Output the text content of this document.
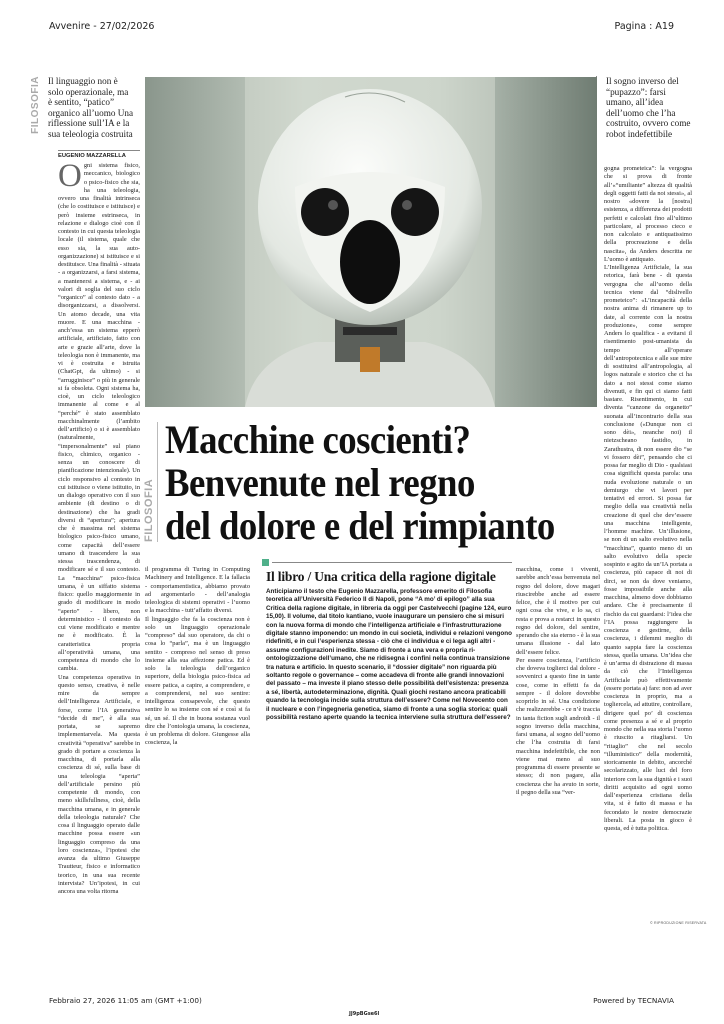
Avvenire - 27/02/2026	Pagina : A19
FILOSOFIA Il linguaggio non è solo operazionale, ma è sentito, “patico” organico all’uomo Una riflessione sull’IA e la sua teleologia costruita
Il sogno inverso del “pupazzo”: farsi umano, all’idea dell’uomo che l’ha costruito, ovvero come robot indefettibile
EUGENIO MAZZARELLA
O gni sistema fisico, meccanico, biologico o psico-fisico che sia, ha una teleologia, ovvero una finalità intrinseca (che lo costituisce e istituisce) e però insieme estrinseca, in relazione e dialogo cioè con il contesto in cui questa teleologia locale (il sistema, quale che esso sia, la sua auto-organizzazione) si istituisce e si destituisce. Una finalità - situata - a organizzarsi, a farsi sistema, a mantenersi a sistema, e - ai valori di soglia del suo ciclo “organico” al contesto dato - a disorganizzarsi, a dissolversi. Un atomo decade, una vita muore. E una macchina - anch’essa un sistema epperò artificiale, artificiato, fatto con arte e grazie all’arte, dove la teleologia non è immanente, ma vi è costruita e istruita (ChatGpt, da ultimo) - si “arrugginisce” o più in generale si fa obsoleta. Ogni sistema ha, cioè, un ciclo teleologico immanente al come e al “perché” è stato assemblato macchinalmente (l’ambito dell’artificio) o si è assemblato (naturalmente, “impersonalmente” sul piano fisico, chimico, organico - senza un conoscere di pianificazione intenzionale). Un ciclo responsivo al contesto in cui istituisce o viene istituito, in un dialogo operativo con il suo ambiente (di destino o di destinazione) che ha gradi diversi di “apertura”; apertura che è massima nel sistema biologico psico-fisico umano, come capacità dell’essere umano di trascendere la sua stessa trascendenza, di modificare sé e il suo contesto. La “macchina” psico-fisica umana, è un siffatto sistema fisico: quello maggiormente in grado di modificare in modo “aperto” - libero, non deterministico - il contesto da cui viene modificato e mentre ne è modificato. È la caratteristica propria all’operatività umana, una competenza di mondo che lo cambia.

Una competenza operativa in questo senso, creativa, è nelle mire da sempre dell’Intelligenza Artificiale, e forse, come l’IA generativa “decide di me”, è alla sua portata, se sapremo implementarvela. Ma questa creatività “operativa” sarebbe in grado di portare a coscienza la macchina, di portarla alla coscienza di sé, sulla base di una teleologia “aperta” dell’artificiale persino più competente di mondo, con meno skillsfullness, cioè, della macchina umana, e in generale della teleologia naturale? Che cosa il linguaggio operato dalle macchine possa essere «un linguaggio compreso da una loro coscienza», l’ipotesi che avanza da ultimo Giuseppe Trautteur, fisico e informatico teorico, in una sua recente intervista? Un’ipotesi, in cui ancora una volta ritorna

FILOSOFIA
Macchine coscienti?
Benvenute nel regno
del dolore e del rimpianto

il programma di Turing in Computing Machinery and Intelligence. E la fallacia - comportamentistica, abbiamo provato ad argomentarlo - dell’analogia teleologica di sistemi operativi - l’uomo e la macchina - tutt’affatto diversi.

Il linguaggio che fa la coscienza non è solo un linguaggio operazionale “compreso” dal suo operatore, da chi o cosa lo “parla”, ma è un linguaggio sentito - compreso nel senso di preso insieme alla sua affezione patica. Ed è solo la teleologia dell’organico superiore, della biologia psico-fisica ad essere patica, a capire, a comprendere, e a comprendersi, nel suo sentire: intelligenza consapevole, che questo sentire lo sa insieme con sé e così si fa sé, un sé. Il che in buona sostanza vuol dire che l’ontologia umana, la coscienza, è un problema di dolore. Giungesse alla coscienza, la

Il libro / Una critica della ragione digitale
Anticipiamo il testo che Eugenio Mazzarella, professore emerito di Filosofia teoretica all’Università Federico II di Napoli, pone “A mo’ di epilogo” alla sua Critica della ragione digitale, in libreria da oggi per Castelvecchi (pagine 124, euro 15,00). Il volume, dal titolo kantiano, vuole inaugurare un pensiero che si misuri con la nuova forma di mondo che l’intelligenza artificiale e l’infrastrutturazione digitale stanno imponendo: un mondo in cui società, individui e relazioni vengono ridefiniti, e in cui l’esperienza stessa - ciò che ci individua e ci lega agli altri - assume configurazioni inedite. Siamo di fronte a una vera e propria ri-ontologizzazione dell’umano, che ne ridisegna i confini nella continua transizione tra natura e artificio. In questo scenario, il “dossier digitale” non riguarda più soltanto regole o governance – come accadeva di fronte alle grandi innovazioni del passato – ma investe il piano stesso delle possibilità dell’esistenza: presenza a sé, libertà, autodeterminazione, dignità. Quali giochi restano ancora praticabili quando la tecnologia incide sulla struttura dell’essere? Come nel Novecento con il nucleare e con l’ingegneria genetica, siamo di fronte a una soglia storica: quali possibilità restano aperte quando la tecnica interviene sulla struttura dell’essere?

macchina, come i viventi, sarebbe anch’essa benvenuta nel regno del dolore, dove magari riuscirebbe anche ad essere felice, che è il motivo per cui ogni cosa che vive, e lo sa, ci resta e prova a restarci in questo regno del dolore, del sentire, sperando che sia eterno - è la sua umana illusione - dal lato dell’essere felice.

Per essere coscienza, l’artificio che doveva toglierci dal dolore - sovvenirci a questo fine in tante cose, come in effetti fa da sempre - il dolore dovrebbe scoprirlo in sé. Una condizione che realizzerebbe - ce n’è traccia in tanta fiction sugli androidi - il sogno inverso della macchina, farsi umana, al sogno dell’uomo che l’ha costruita di farsi macchina indefettibile, che non viene mai meno al suo programma di essere presente se stesso; di non pagare, alla coscienza che ha avuto in sorte, il pegno della sua “ver-

gogna prometeica”: la vergogna che si prova di fronte all’«“umiliante” altezza di qualità degli oggetti fatti da noi stessi», al nostro «dovere la [nostra] esistenza, a differenza dei prodotti perfetti e calcolati fino all’ultimo particolare, al processo cieco e non calcolato e antiquatissimo della procreazione e della nascita», da Anders descritta ne L’uomo è antiquato.

L’Intelligenza Artificiale, la sua retorica, farà bene - di questa vergogna che all’uomo della tecnica viene dal “dislivello prometeico”: «L’incapacità della nostra anima di rimanere up to date, al corrente con la nostra produzione», come sempre Anders lo qualifica - a evitarsi il risentimento post-umanista da tempo all’operare dell’antropotecnica e alle sue mire di sostituirsi all’antropologia, al logos naturale e storico che ci ha dato a noi stessi come siamo divenuti, e fin qui ci siamo fatti bastare. Risentimento, in cui diventa “canzone da organetto” suonata all’incontrario della sua conclusione («Dunque non ci sono dèi», neanche noi) il nietzscheano fastidio, in Zarathustra, di non essere dio “se vi fossero dèi”, pensando che ci possa far meglio di Dio - qualsiasi cosa significhi questa parola: una nuda evoluzione naturale o un demiurgo che vi lavori per tentativi ed errori. Si possa far meglio della sua creatività nella creazione di quel che dev’essere una macchina intelligente, l’homme machine. Un’illusione, se non di un salto evolutivo nella “macchina”, quanto meno di un salto evolutivo della specie sospinto e agito da un’IA portata a coscienza, più capace di noi di dirci, se non da dove veniamo, fosse impossibile anche alla macchina, almeno dove dobbiamo andare. Che è precisamente il rischio da cui guardarsi: l’idea che l’IA possa raggiungere la coscienza e gestirne, della coscienza, i dilemmi meglio di quanto sappia fare la coscienza stessa, quella umana. Un’idea che è un’arma di distrazione di massa da ciò che l’Intelligenza Artificiale può effettivamente (essere portata a) fare: non ad aver coscienza in proprio, ma a togliercela, ad attutire, controllare, dirigere quel po’ di coscienza come presenza a sé e al proprio mondo che nella sua storia l’uomo è riuscito a ritagliarsi. Un “ritaglio” che nel secolo “illuministico” della modernità, storicamente in debito, ancorché secolarizzato, alle luci del foro interiore con la sua dignità e i suoi diritti acquisito ad ogni uomo dall’esperienza cristiana della vita, si è fatto di massa e ha fecondato le nostre democrazie liberali. La posta in gioco è questa, ed è tutta politica.

© RIPRODUZIONE RISERVATA
Febbraio 27, 2026 11:05 am (GMT +1:00)	Powered by TECNAVIA
JJ9pBGse6l
